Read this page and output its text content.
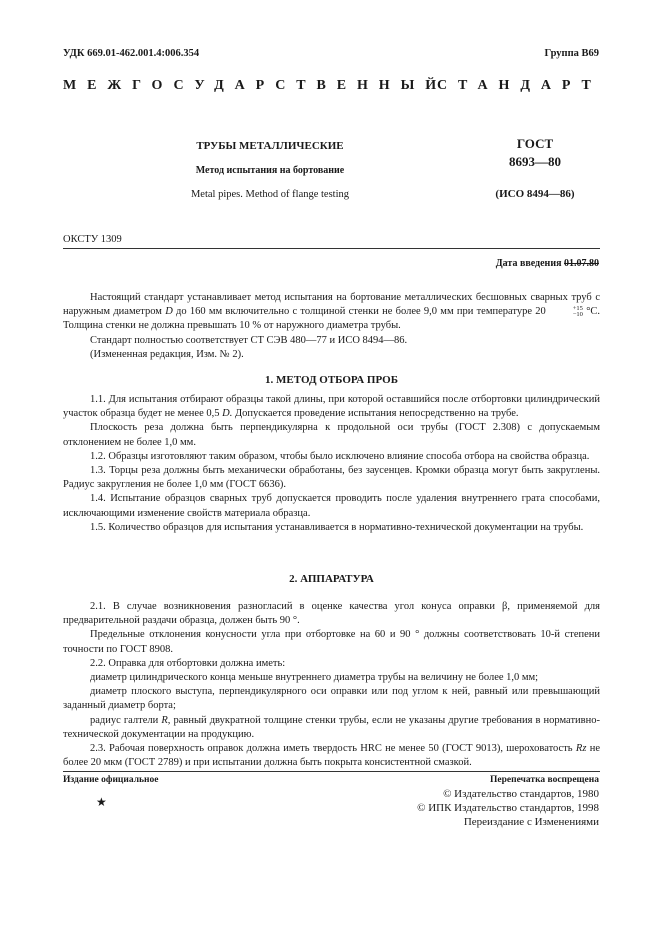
УДК 669.01-462.001.4:006.354	Группа В69
МЕЖГОСУДАРСТВЕННЫЙ
СТАНДАРТ
ТРУБЫ МЕТАЛЛИЧЕСКИЕ
Метод испытания на бортование
Metal pipes. Method of flange testing
ГОСТ
8693—80
(ИСО 8494—86)
ОКСТУ 1309
Дата введения 01.07.80

Настоящий стандарт устанавливает метод испытания на бортование металлических бесшовных сварных труб с наружным диаметром D до 160 мм включительно с толщиной стенки не более 9,0 мм при температуре 20	+15
−10 °C. Толщина стенки не должна превышать 10 % от наружного диаметра трубы.

Стандарт полностью соответствует СТ СЭВ 480—77 и ИСО 8494—86.

(Измененная редакция, Изм. № 2).

1. МЕТОД ОТБОРА ПРОБ

1.1. Для испытания отбирают образцы такой длины, при которой оставшийся после отбортовки цилиндрический участок образца будет не менее 0,5 D. Допускается проведение испытания непосредственно на трубе.

Плоскость реза должна быть перпендикулярна к продольной оси трубы (ГОСТ 2.308) с допускаемым отклонением не более 1,0 мм.

1.2. Образцы изготовляют таким образом, чтобы было исключено влияние способа отбора на свойства образца.

1.3. Торцы реза должны быть механически обработаны, без заусенцев. Кромки образца могут быть закруглены. Радиус закругления не более 1,0 мм (ГОСТ 6636).

1.4. Испытание образцов сварных труб допускается проводить после удаления внутреннего грата способами, исключающими изменение свойств материала образца.

1.5. Количество образцов для испытания устанавливается в нормативно-технической документации на трубы.

2. АППАРАТУРА

2.1. В случае возникновения разногласий в оценке качества угол конуса оправки β, применяемой для предварительной раздачи образца, должен быть 90 °.

Предельные отклонения конусности угла при отбортовке на 60 и 90 ° должны соответствовать 10-й степени точности по ГОСТ 8908.

2.2. Оправка для отбортовки должна иметь:

диаметр цилиндрического конца меньше внутреннего диаметра трубы на величину не более 1,0 мм;

диаметр плоского выступа, перпендикулярного оси оправки или под углом к ней, равный или превышающий заданный диаметр борта;

радиус галтели R, равный двукратной толщине стенки трубы, если не указаны другие требования в нормативно-технической документации на продукцию.

2.3. Рабочая поверхность оправок должна иметь твердость HRC не менее 50 (ГОСТ 9013), шероховатость Rz не более 20 мкм (ГОСТ 2789) и при испытании должна быть покрыта консистентной смазкой.

Издание официальное	Перепечатка воспрещена
★
© Издательство стандартов, 1980
© ИПК Издательство стандартов, 1998
Переиздание с Изменениями
